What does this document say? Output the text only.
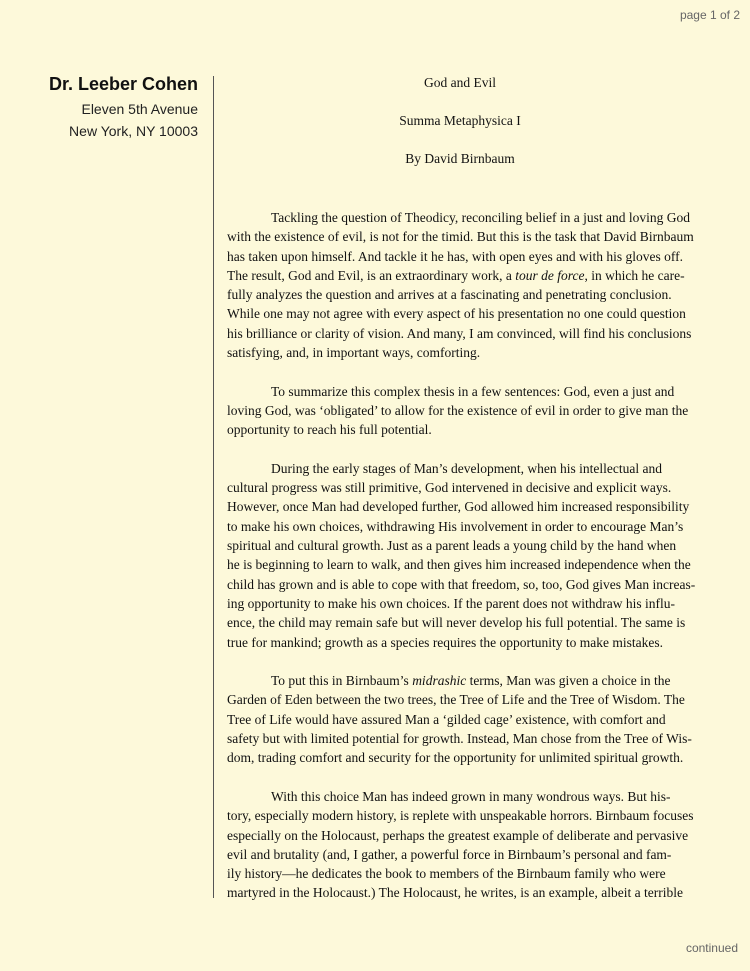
page 1 of 2
Dr. Leeber Cohen
Eleven 5th Avenue
New York, NY 10003
God and Evil
Summa Metaphysica I
By David Birnbaum
Tackling the question of Theodicy, reconciling belief in a just and loving God
with the existence of evil, is not for the timid. But this is the task that David Birnbaum
has taken upon himself. And tackle it he has, with open eyes and with his gloves off.
The result, God and Evil, is an extraordinary work, a tour de force, in which he care-
fully analyzes the question and arrives at a fascinating and penetrating conclusion.
While one may not agree with every aspect of his presentation no one could question
his brilliance or clarity of vision. And many, I am convinced, will find his conclusions
satisfying, and, in important ways, comforting.
To summarize this complex thesis in a few sentences: God, even a just and
loving God, was ‘obligated’ to allow for the existence of evil in order to give man the
opportunity to reach his full potential.
During the early stages of Man’s development, when his intellectual and
cultural progress was still primitive, God intervened in decisive and explicit ways.
However, once Man had developed further, God allowed him increased responsibility
to make his own choices, withdrawing His involvement in order to encourage Man’s
spiritual and cultural growth. Just as a parent leads a young child by the hand when
he is beginning to learn to walk, and then gives him increased independence when the
child has grown and is able to cope with that freedom, so, too, God gives Man increas-
ing opportunity to make his own choices. If the parent does not withdraw his influ-
ence, the child may remain safe but will never develop his full potential. The same is
true for mankind; growth as a species requires the opportunity to make mistakes.
To put this in Birnbaum’s midrashic terms, Man was given a choice in the
Garden of Eden between the two trees, the Tree of Life and the Tree of Wisdom. The
Tree of Life would have assured Man a ‘gilded cage’ existence, with comfort and
safety but with limited potential for growth. Instead, Man chose from the Tree of Wis-
dom, trading comfort and security for the opportunity for unlimited spiritual growth.
With this choice Man has indeed grown in many wondrous ways. But his-
tory, especially modern history, is replete with unspeakable horrors. Birnbaum focuses
especially on the Holocaust, perhaps the greatest example of deliberate and pervasive
evil and brutality (and, I gather, a powerful force in Birnbaum’s personal and fam-
ily history—he dedicates the book to members of the Birnbaum family who were
martyred in the Holocaust.) The Holocaust, he writes, is an example, albeit a terrible
continued
